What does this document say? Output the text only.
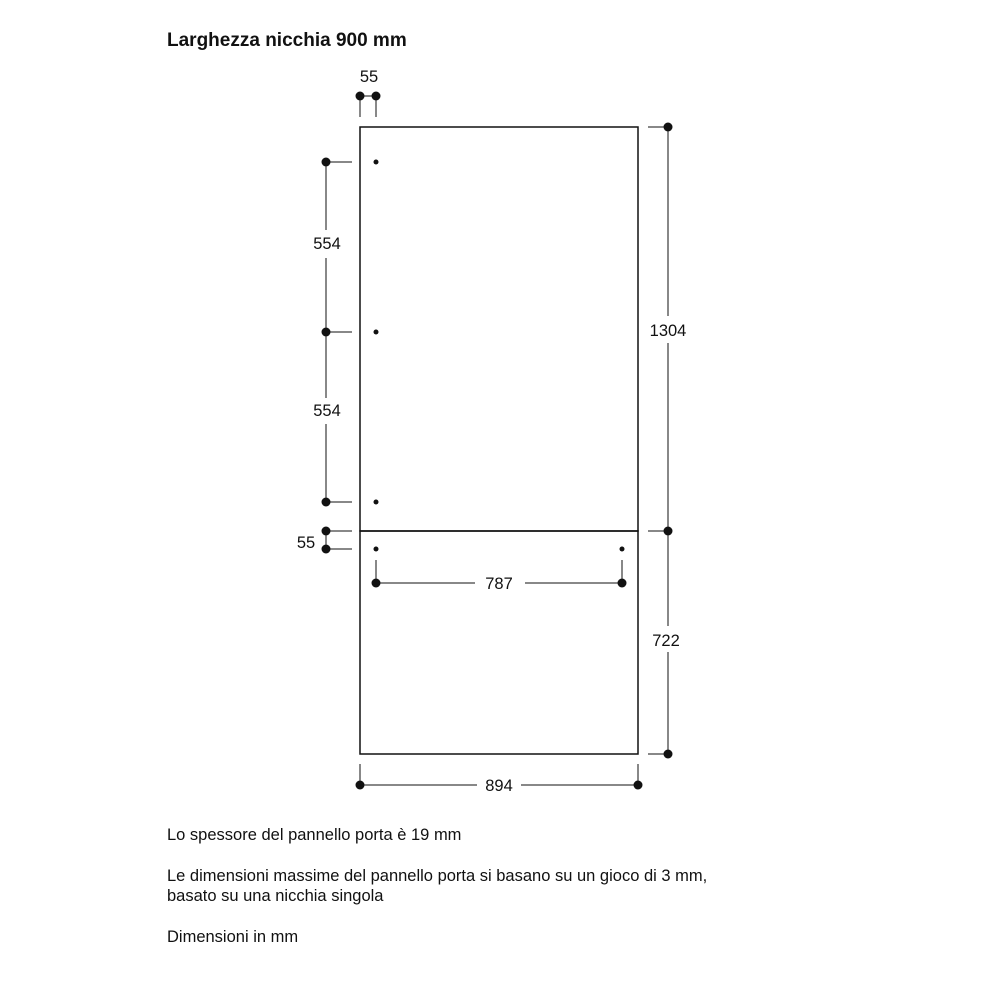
Larghezza nicchia 900 mm
55
554
554
55
787
1304
722
894
Lo spessore del pannello porta è 19 mm
Le dimensioni massime del pannello porta si basano su un gioco di 3 mm,
basato su una nicchia singola
Dimensioni in mm
